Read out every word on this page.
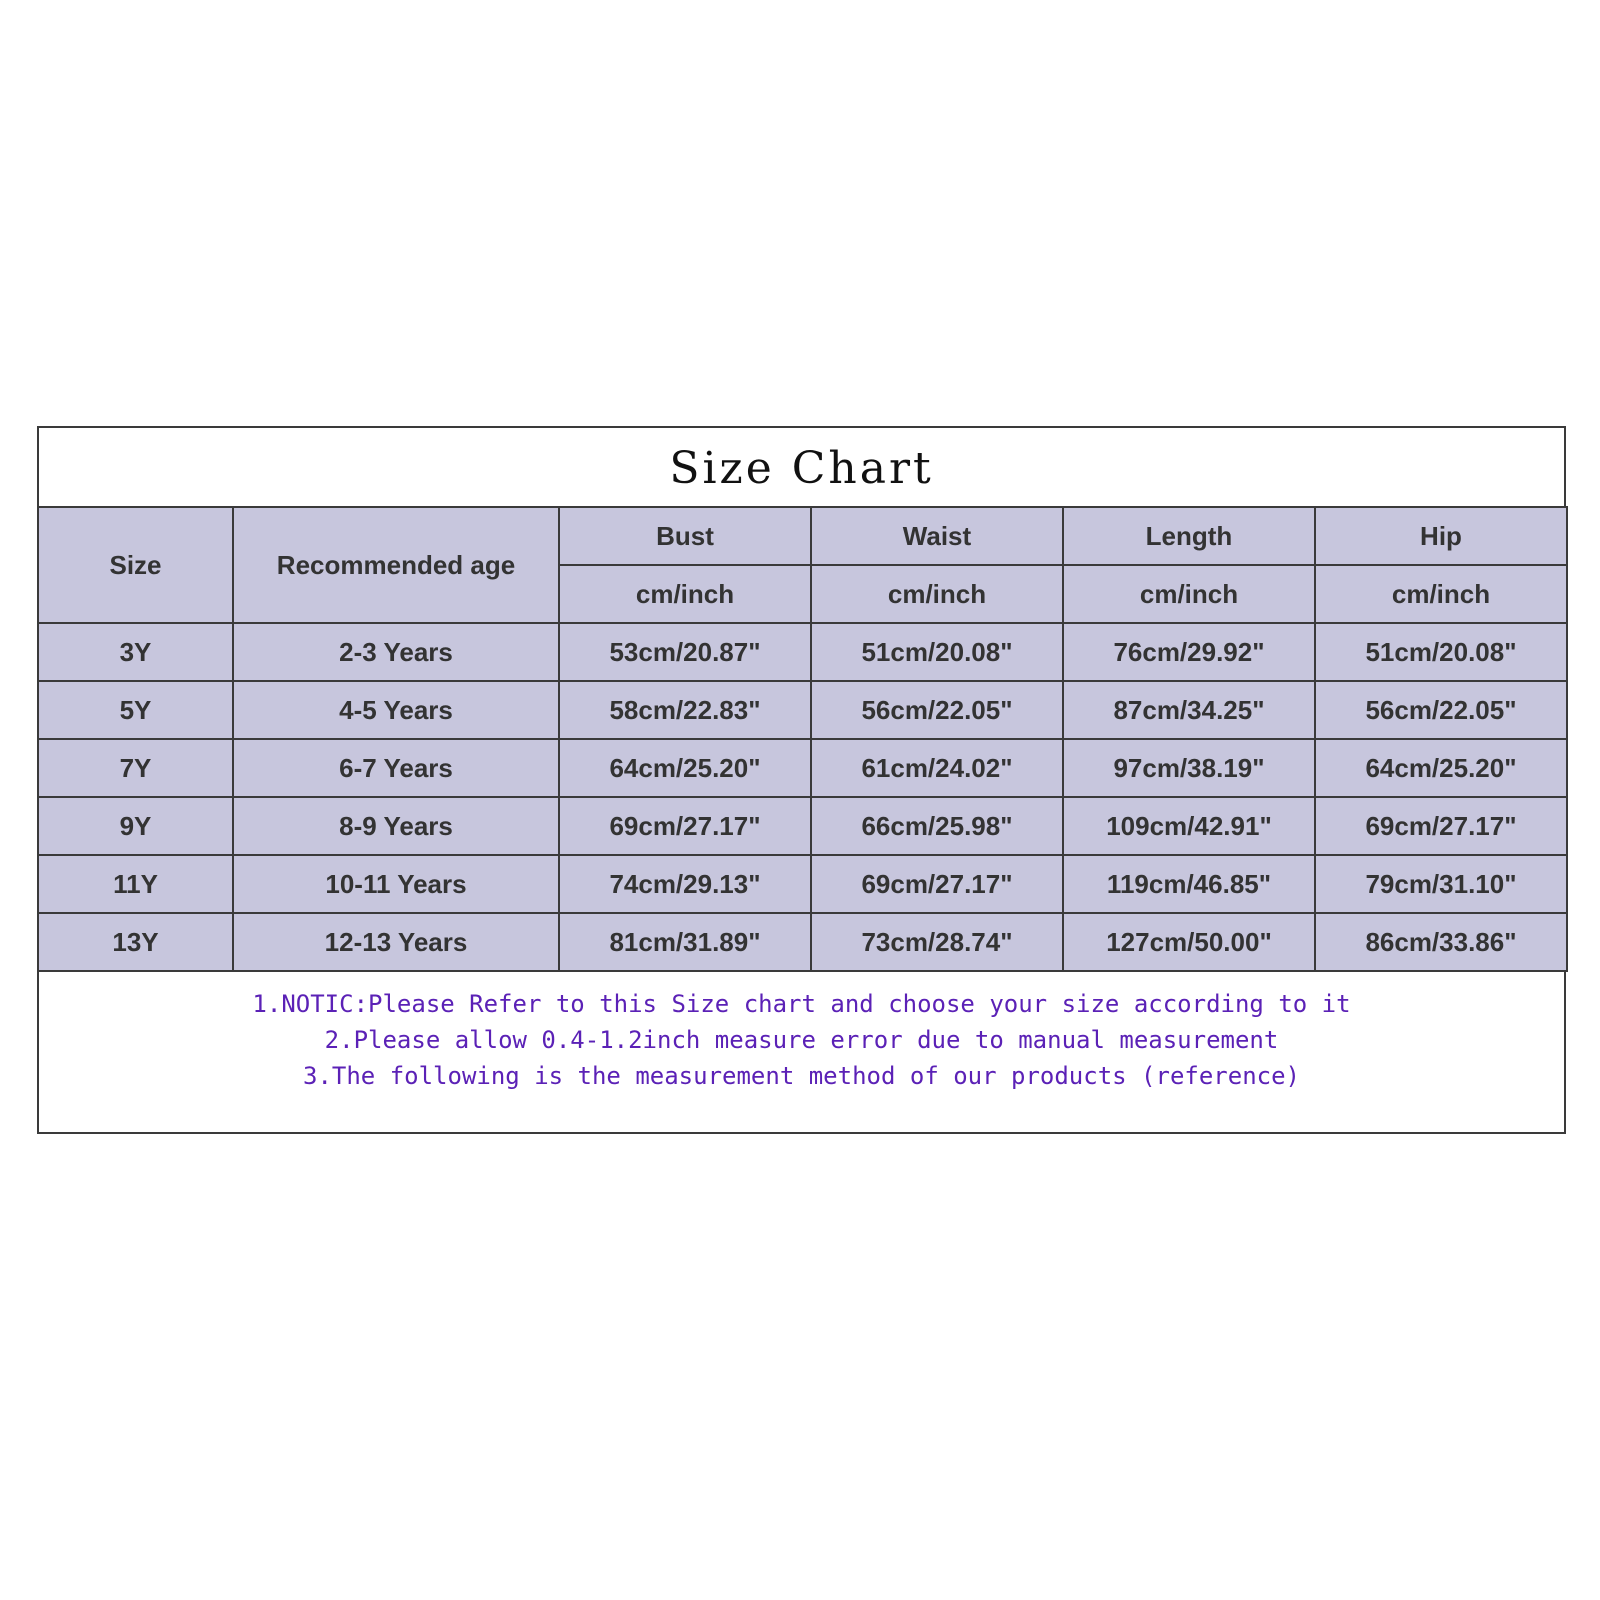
Size Chart
Size	Recommended age	Bust	Waist	Length	Hip
		cm/inch	cm/inch	cm/inch	cm/inch
3Y	2-3 Years	53cm/20.87"	51cm/20.08"	76cm/29.92"	51cm/20.08"
5Y	4-5 Years	58cm/22.83"	56cm/22.05"	87cm/34.25"	56cm/22.05"
7Y	6-7 Years	64cm/25.20"	61cm/24.02"	97cm/38.19"	64cm/25.20"
9Y	8-9 Years	69cm/27.17"	66cm/25.98"	109cm/42.91"	69cm/27.17"
11Y	10-11 Years	74cm/29.13"	69cm/27.17"	119cm/46.85"	79cm/31.10"
13Y	12-13 Years	81cm/31.89"	73cm/28.74"	127cm/50.00"	86cm/33.86"
1.NOTIC:Please Refer to this Size chart and choose your size according to it
2.Please allow 0.4-1.2inch measure error due to manual measurement
3.The following is the measurement method of our products (reference)
